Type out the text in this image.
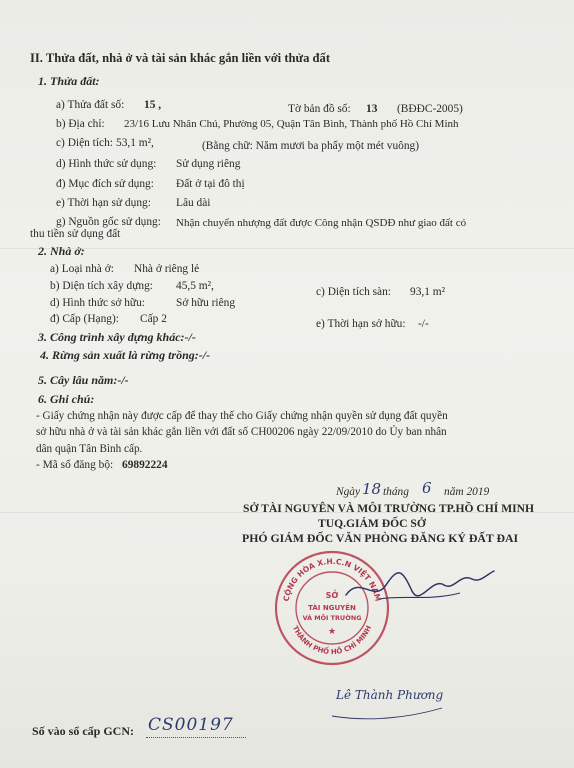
II. Thửa đất, nhà ở và tài sản khác gắn liền với thửa đất
1. Thửa đất:
a) Thửa đất số: 15 ,	Tờ bản đồ số: 13 (BĐĐC-2005)
b) Địa chỉ: 23/16 Lưu Nhân Chú, Phường 05, Quận Tân Bình, Thành phố Hồ Chí Minh
c) Diện tích: 53,1 m²,	(Bằng chữ: Năm mươi ba phẩy một mét vuông)
d) Hình thức sử dụng: Sử dụng riêng
đ) Mục đích sử dụng: Đất ở tại đô thị
e) Thời hạn sử dụng: Lâu dài
g) Nguồn gốc sử dụng: Nhận chuyển nhượng đất được Công nhận QSDĐ như giao đất có
thu tiền sử dụng đất
2. Nhà ở:
a) Loại nhà ở: Nhà ở riêng lẻ
b) Diện tích xây dựng: 45,5 m²,	c) Diện tích sàn: 93,1 m²
d) Hình thức sở hữu:	Sở hữu riêng
đ) Cấp (Hạng): Cấp 2	e) Thời hạn sở hữu: -/-
3. Công trình xây dựng khác:-/-
4. Rừng sản xuất là rừng trồng:-/-
5. Cây lâu năm:-/-
6. Ghi chú:
- Giấy chứng nhận này được cấp để thay thế cho Giấy chứng nhận quyền sử dụng đất quyền
sở hữu nhà ở và tài sản khác gắn liền với đất số CH00206 ngày 22/09/2010 do Ủy ban nhân
dân quận Tân Bình cấp.
- Mã số đăng bộ: 69892224
Ngày 18 tháng 6 năm 2019
SỞ TÀI NGUYÊN VÀ MÔI TRƯỜNG TP.HỒ CHÍ MINH
TUQ.GIÁM ĐỐC SỞ
PHÓ GIÁM ĐỐC VĂN PHÒNG ĐĂNG KÝ ĐẤT ĐAI
CỘNG HÒA X.H.C.N VIỆT NAM
THÀNH PHỐ HỒ CHÍ MINH
SỞ
TÀI NGUYÊN
VÀ MÔI TRƯỜNG
★
Lê Thành Phương
Số vào sổ cấp GCN: CS00197
